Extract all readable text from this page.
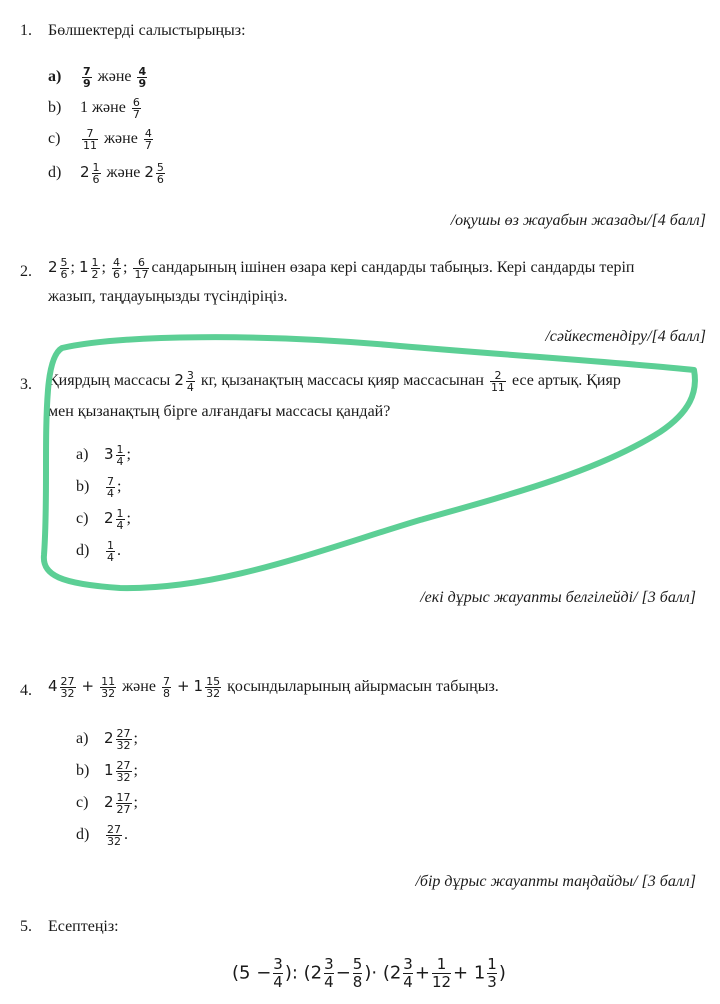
1. Бөлшектерді салыстырыңыз:
$a) \frac{7}{9}$ және $\frac{4}{9}$
b) 1 және $\frac{6}{7}$
$c) \frac{7}{11}$ және $\frac{4}{7}$
d) $2 \frac{1}{6}$ және $2 \frac{5}{6}$
/оқушы өз жауабын жазады/[4 балл]
2. $2 \frac{5}{6}$ ; $1 \frac{1}{2}$ ; $\frac{4}{6}$ ; $\frac{6}{17}$ сандарының ішінен өзара кері сандарды табыңыз. Кері сандарды теріп
жазып, таңдауыңызды түсіндіріңіз.
/сәйкестендіру/[4 балл]
3. Қиярдың массасы $2 \frac{3}{4}$ кг, қызанақтың массасы қияр массасынан $\frac{2}{11}$ есе артық. Қияр
мен қызанақтың бірге алғандағы массасы қандай?
a) $3 \frac{1}{4}$ ;
$b) \frac{7}{4}$ ;
c) $2 \frac{1}{4}$ ;
$d) \frac{1}{4}$ .
/екі дұрыс жауапты белгілейді/ [3 балл]
4. $4 \frac{27}{32} + \frac{11}{32}$ және $\frac{7}{8} + 1 \frac{15}{32}$ қосындыларының айырмасын табыңыз.
a) $2 \frac{27}{32}$ ;
b) $1 \frac{27}{32}$ ;
c) $2 \frac{17}{27}$ ;
$d) \frac{27}{32}$ .
/бір дұрыс жауапты таңдайды/ [3 балл]
5. Есептеңіз:
($5 - \frac{3}{4}$ ): ($2 \frac{3}{4} - \frac{5}{8}$ )· ($2 \frac{3}{4} + \frac{1}{12} + 1 \frac{1}{3}$ )
